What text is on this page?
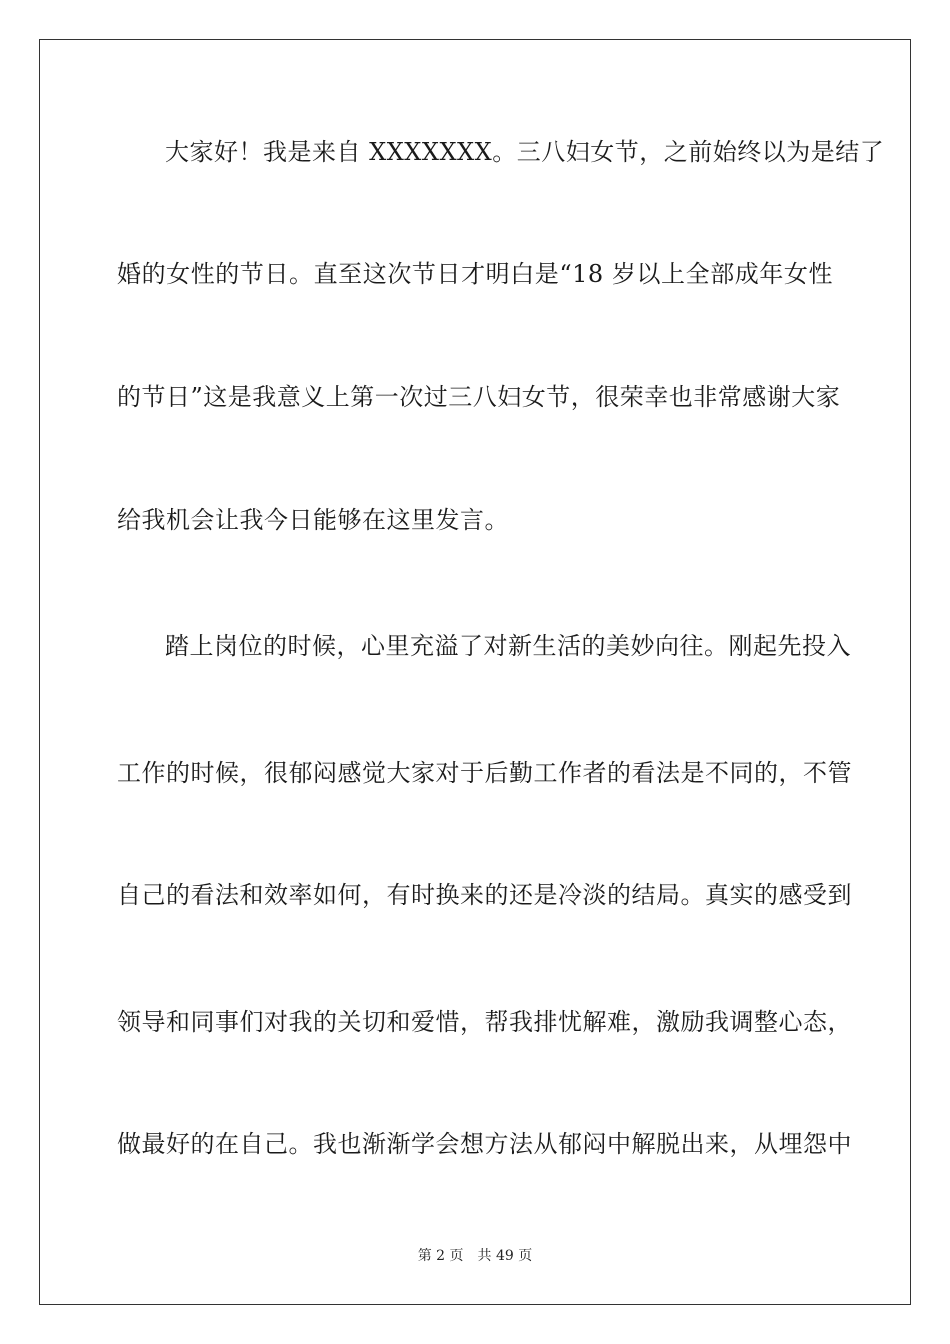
大家好！我是来自 XXXXXXX。三八妇女节，之前始终以为是结了
婚的女性的节日。直至这次节日才明白是“18 岁以上全部成年女性
的节日”这是我意义上第一次过三八妇女节，很荣幸也非常感谢大家
给我机会让我今日能够在这里发言。
踏上岗位的时候，心里充溢了对新生活的美妙向往。刚起先投入
工作的时候，很郁闷感觉大家对于后勤工作者的看法是不同的，不管
自己的看法和效率如何，有时换来的还是冷淡的结局。真实的感受到
领导和同事们对我的关切和爱惜，帮我排忧解难，激励我调整心态，
做最好的在自己。我也渐渐学会想方法从郁闷中解脱出来，从埋怨中
第 2 页 共 49 页
